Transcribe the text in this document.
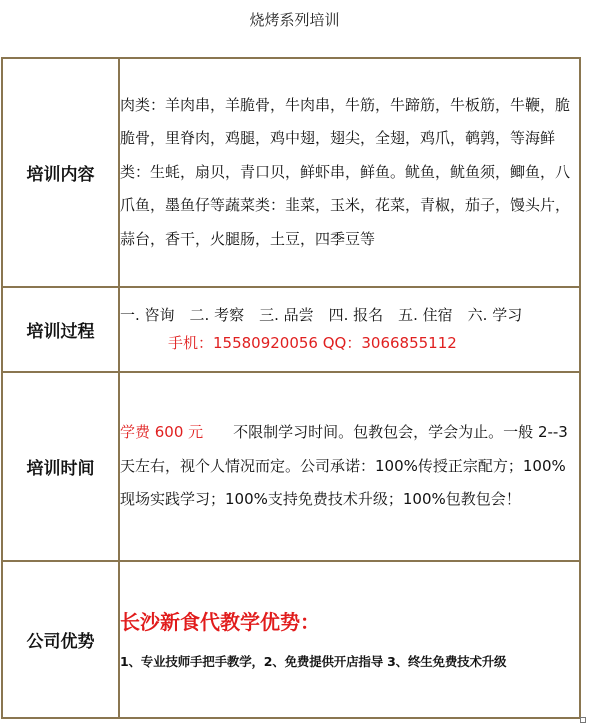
烧烤系列培训
培训内容	肉类：羊肉串，羊脆骨，牛肉串，牛筋，牛蹄筋，牛板筋，牛鞭，脆脆骨，里脊肉，鸡腿，鸡中翅，翅尖，全翅，鸡爪，鹌鹑，等海鲜类：生蚝，扇贝，青口贝，鲜虾串，鲜鱼。鱿鱼，鱿鱼须，鲫鱼，八爪鱼，墨鱼仔等蔬菜类：韭菜，玉米，花菜，青椒，茄子，馒头片，蒜台，香干，火腿肠，土豆，四季豆等
培训过程	一. 咨询　二. 考察　三. 品尝　四. 报名　五. 住宿　六. 学习
手机：15580920056 QQ：3066855112

培训时间	学费 600 元　　不限制学习时间。包教包会，学会为止。一般 2--3 天左右，视个人情况而定。公司承诺：100%传授正宗配方；100%现场实践学习；100%支持免费技术升级；100%包教包会！
公司优势	长沙新食代教学优势：
1、专业技师手把手教学，2、免费提供开店指导 3、终生免费技术升级
